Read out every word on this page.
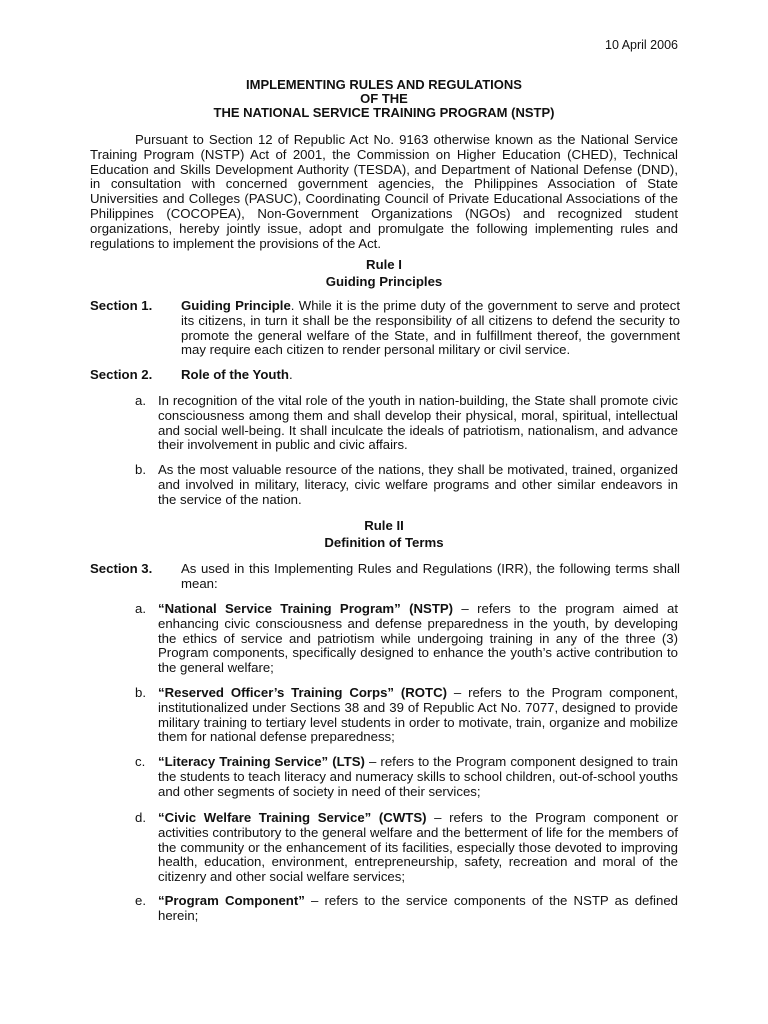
10 April 2006
IMPLEMENTING RULES AND REGULATIONS
OF THE
THE NATIONAL SERVICE TRAINING PROGRAM (NSTP)
Pursuant to Section 12 of Republic Act No. 9163 otherwise known as the National Service Training Program (NSTP) Act of 2001, the Commission on Higher Education (CHED), Technical Education and Skills Development Authority (TESDA), and Department of National Defense (DND), in consultation with concerned government agencies, the Philippines Association of State Universities and Colleges (PASUC), Coordinating Council of Private Educational Associations of the Philippines (COCOPEA), Non-Government Organizations (NGOs) and recognized student organizations, hereby jointly issue, adopt and promulgate the following implementing rules and regulations to implement the provisions of the Act.
Rule I
Guiding Principles
Section 1. Guiding Principle. While it is the prime duty of the government to serve and protect its citizens, in turn it shall be the responsibility of all citizens to defend the security to promote the general welfare of the State, and in fulfillment thereof, the government may require each citizen to render personal military or civil service.
Section 2. Role of the Youth.
a. In recognition of the vital role of the youth in nation-building, the State shall promote civic consciousness among them and shall develop their physical, moral, spiritual, intellectual and social well-being. It shall inculcate the ideals of patriotism, nationalism, and advance their involvement in public and civic affairs.
b. As the most valuable resource of the nations, they shall be motivated, trained, organized and involved in military, literacy, civic welfare programs and other similar endeavors in the service of the nation.
Rule II
Definition of Terms
Section 3. As used in this Implementing Rules and Regulations (IRR), the following terms shall mean:
a. “National Service Training Program” (NSTP) – refers to the program aimed at enhancing civic consciousness and defense preparedness in the youth, by developing the ethics of service and patriotism while undergoing training in any of the three (3) Program components, specifically designed to enhance the youth’s active contribution to the general welfare;
b. “Reserved Officer’s Training Corps” (ROTC) – refers to the Program component, institutionalized under Sections 38 and 39 of Republic Act No. 7077, designed to provide military training to tertiary level students in order to motivate, train, organize and mobilize them for national defense preparedness;
c. “Literacy Training Service” (LTS) – refers to the Program component designed to train the students to teach literacy and numeracy skills to school children, out-of-school youths and other segments of society in need of their services;
d. “Civic Welfare Training Service” (CWTS) – refers to the Program component or activities contributory to the general welfare and the betterment of life for the members of the community or the enhancement of its facilities, especially those devoted to improving health, education, environment, entrepreneurship, safety, recreation and moral of the citizenry and other social welfare services;
e. “Program Component” – refers to the service components of the NSTP as defined herein;
